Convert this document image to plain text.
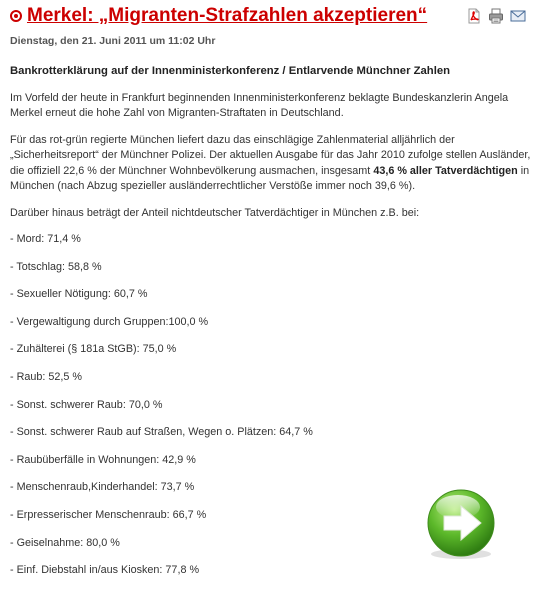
Merkel: „Migranten-Strafzahlen akzeptieren“
Dienstag, den 21. Juni 2011 um 11:02 Uhr
Bankrotterklärung auf der Innenministerkonferenz / Entlarvende Münchner Zahlen

Im Vorfeld der heute in Frankfurt beginnenden Innenministerkonferenz beklagte Bundeskanzlerin Angela Merkel erneut die hohe Zahl von Migranten-Straftaten in Deutschland.

Für das rot-grün regierte München liefert dazu das einschlägige Zahlenmaterial alljährlich der „Sicherheitsreport“ der Münchner Polizei. Der aktuellen Ausgabe für das Jahr 2010 zufolge stellen Ausländer, die offiziell 22,6 % der Münchner Wohnbevölkerung ausmachen, insgesamt 43,6 % aller Tatverdächtigen in München (nach Abzug spezieller ausländerrechtlicher Verstöße immer noch 39,6 %).

Darüber hinaus beträgt der Anteil nichtdeutscher Tatverdächtiger in München z.B. bei:

- Mord: 71,4 %
- Totschlag: 58,8 %
- Sexueller Nötigung: 60,7 %
- Vergewaltigung durch Gruppen:100,0 %
- Zuhälterei (§ 181a StGB): 75,0 %
- Raub: 52,5 %
- Sonst. schwerer Raub: 70,0 %
- Sonst. schwerer Raub auf Straßen, Wegen o. Plätzen: 64,7 %
- Raubüberfälle in Wohnungen: 42,9 %
- Menschenraub,Kinderhandel: 73,7 %
- Erpresserischer Menschenraub: 66,7 %
- Geiselnahme: 80,0 %
- Einf. Diebstahl in/aus Kiosken: 77,8 %
